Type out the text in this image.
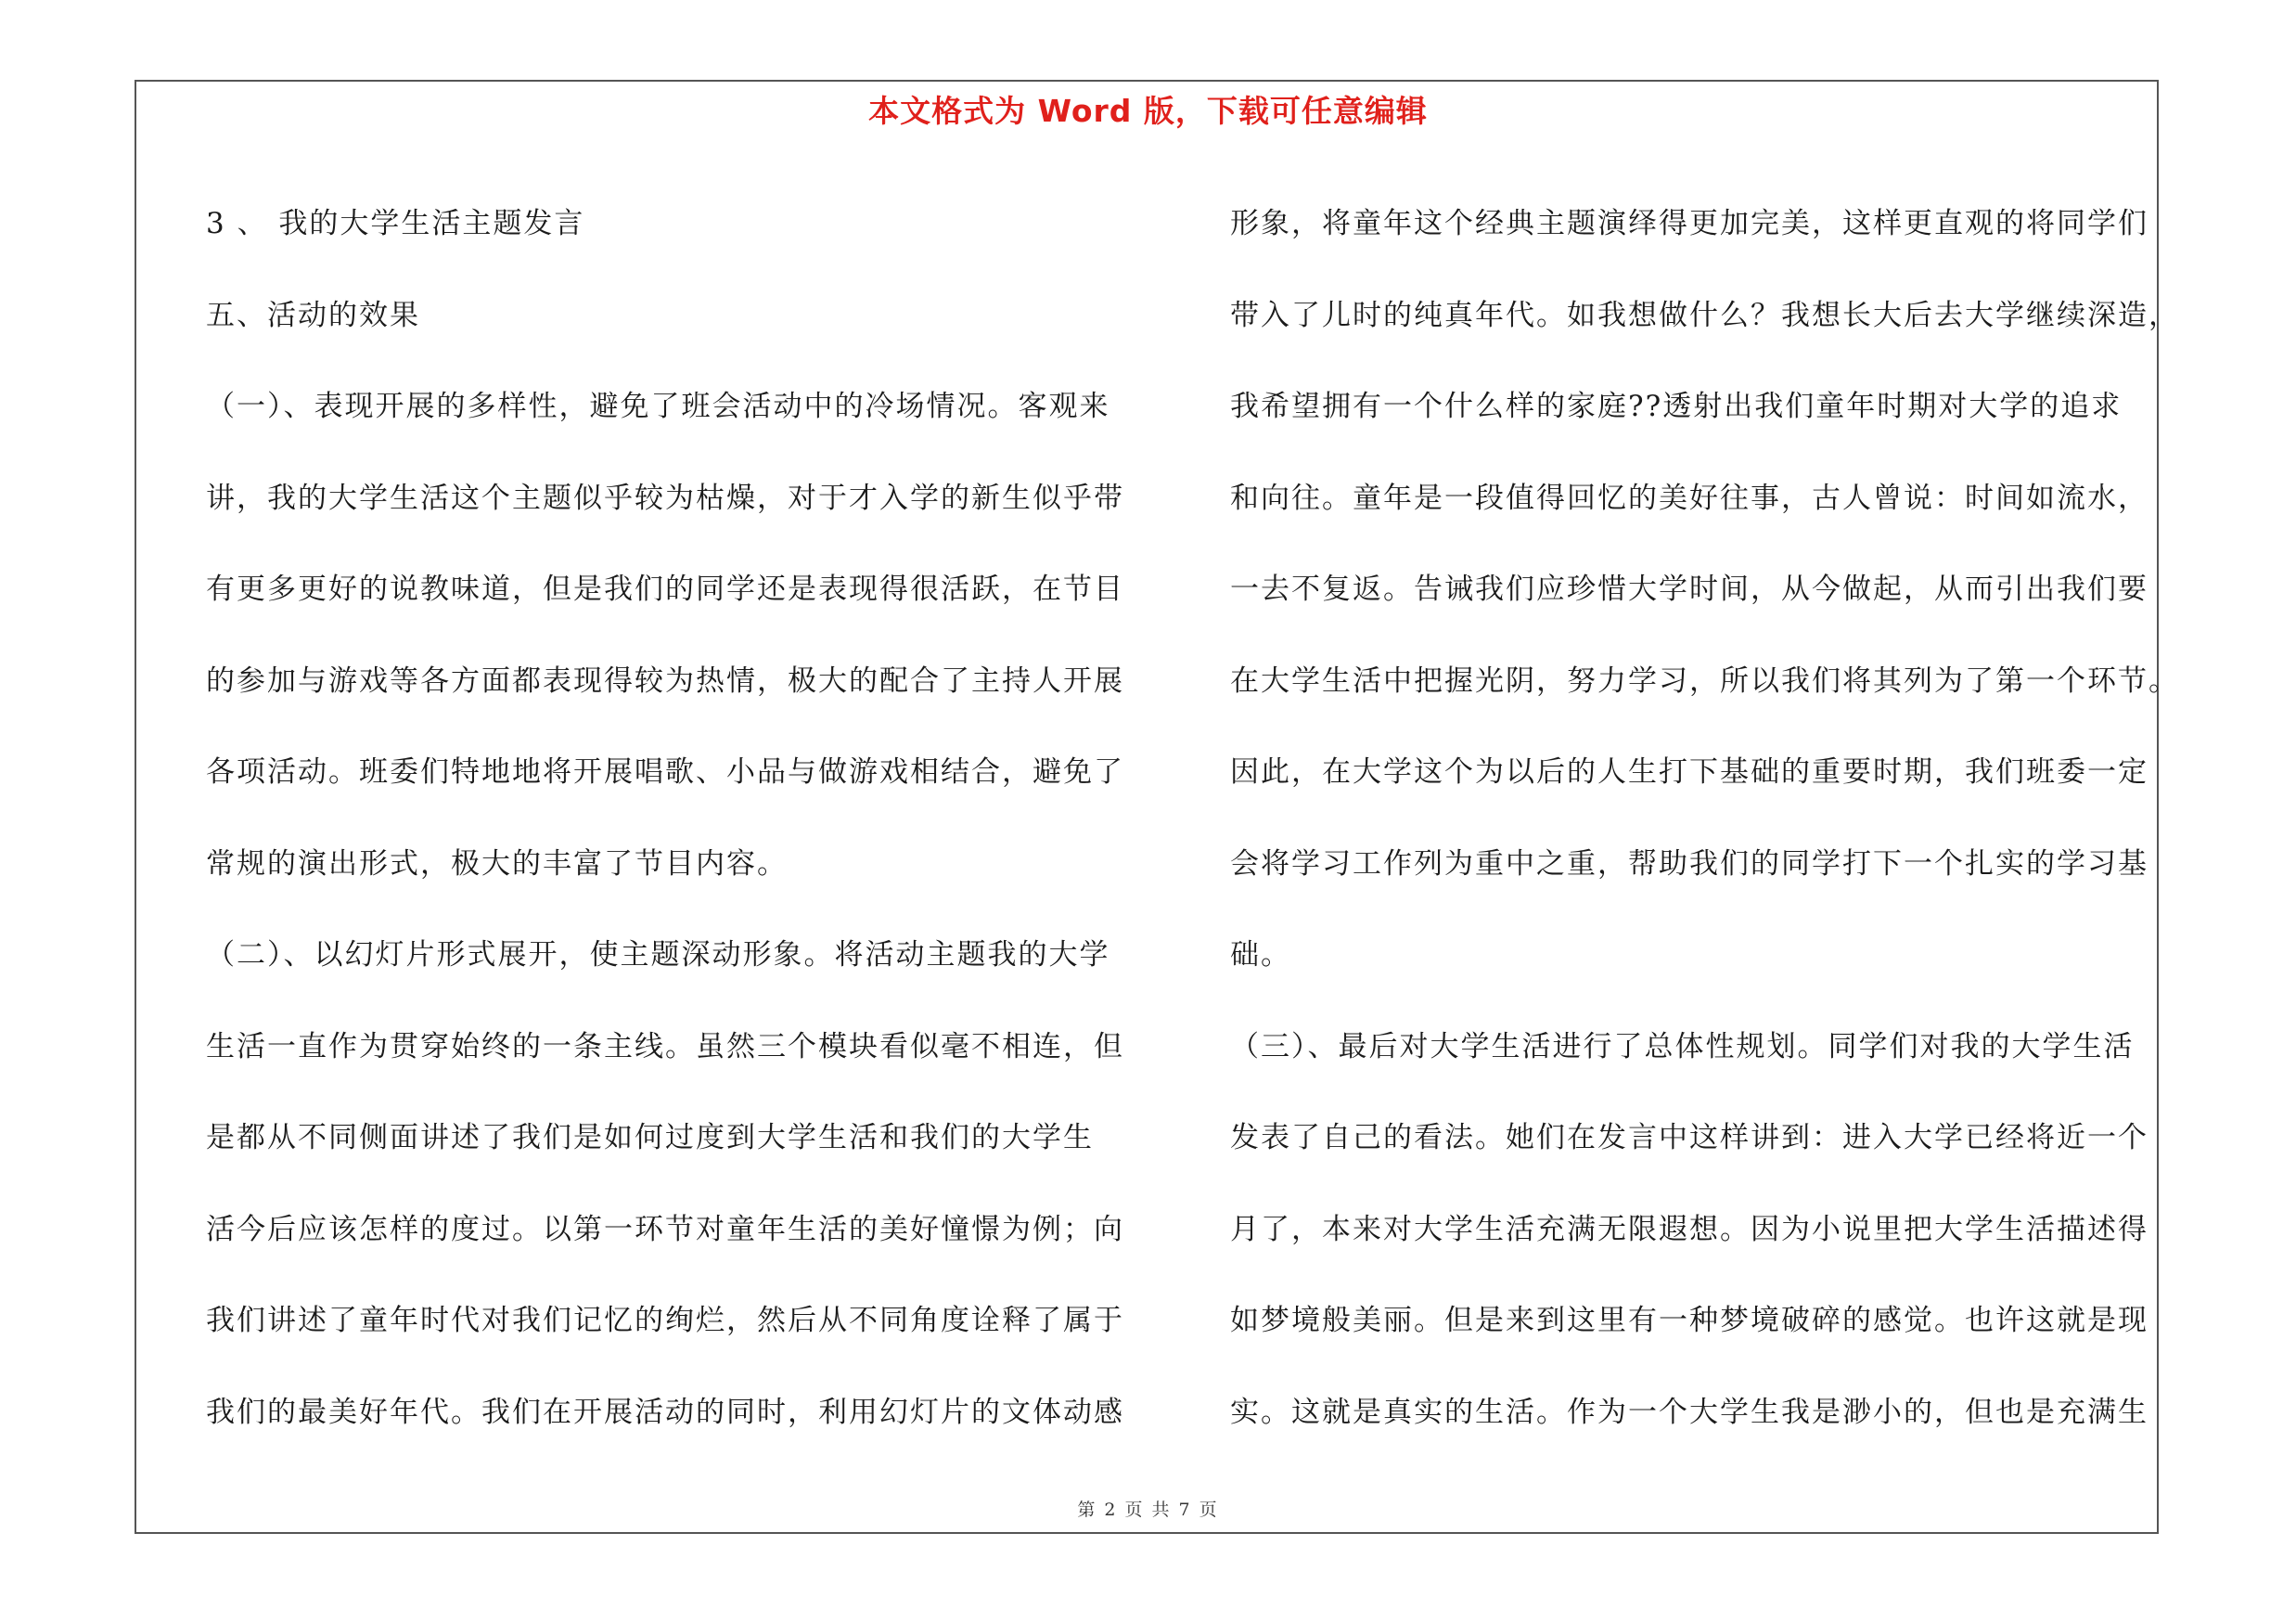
本文格式为 Word 版，下载可任意编辑

3 、 我的大学生活主题发言

五、活动的效果

（一）、表现开展的多样性，避免了班会活动中的冷场情况。客观来

讲，我的大学生活这个主题似乎较为枯燥，对于才入学的新生似乎带

有更多更好的说教味道，但是我们的同学还是表现得很活跃，在节目

的参加与游戏等各方面都表现得较为热情，极大的配合了主持人开展

各项活动。班委们特地地将开展唱歌、小品与做游戏相结合，避免了

常规的演出形式，极大的丰富了节目内容。

（二）、以幻灯片形式展开，使主题深动形象。将活动主题我的大学

生活一直作为贯穿始终的一条主线。虽然三个模块看似毫不相连，但

是都从不同侧面讲述了我们是如何过度到大学生活和我们的大学生

活今后应该怎样的度过。以第一环节对童年生活的美好憧憬为例；向

我们讲述了童年时代对我们记忆的绚烂，然后从不同角度诠释了属于

我们的最美好年代。我们在开展活动的同时，利用幻灯片的文体动感

形象，将童年这个经典主题演绎得更加完美，这样更直观的将同学们

带入了儿时的纯真年代。如我想做什么？我想长大后去大学继续深造，

我希望拥有一个什么样的家庭??透射出我们童年时期对大学的追求

和向往。童年是一段值得回忆的美好往事，古人曾说：时间如流水，

一去不复返。告诫我们应珍惜大学时间，从今做起，从而引出我们要

在大学生活中把握光阴，努力学习，所以我们将其列为了第一个环节。

因此，在大学这个为以后的人生打下基础的重要时期，我们班委一定

会将学习工作列为重中之重，帮助我们的同学打下一个扎实的学习基

础。

（三）、最后对大学生活进行了总体性规划。同学们对我的大学生活

发表了自己的看法。她们在发言中这样讲到：进入大学已经将近一个

月了，本来对大学生活充满无限遐想。因为小说里把大学生活描述得

如梦境般美丽。但是来到这里有一种梦境破碎的感觉。也许这就是现

实。这就是真实的生活。作为一个大学生我是渺小的，但也是充满生

第 2 页 共 7 页
